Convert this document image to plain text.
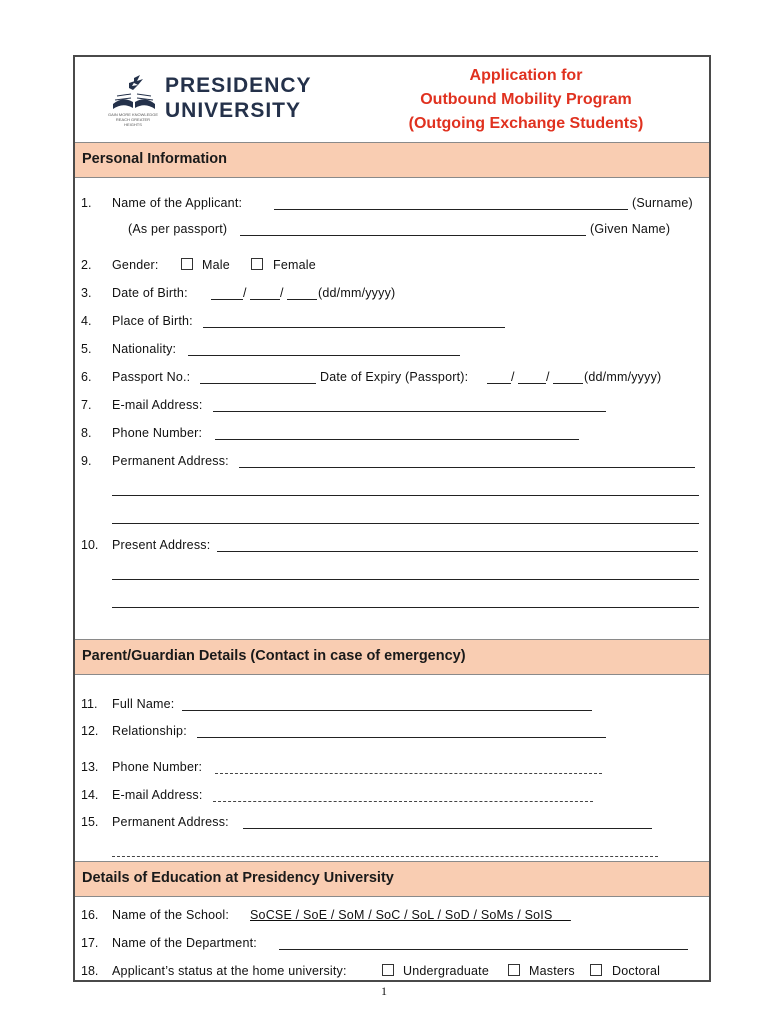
GAIN MORE KNOWLEDGE REACH GREATER HEIGHTS
PRESIDENCY
UNIVERSITY
Application for
Outbound Mobility Program
(Outgoing Exchange Students)
Personal Information
1. Name of the Applicant:	(Surname)
(As per passport)	(Given Name)
2. Gender:	Male	Female
3. Date of Birth:	/	/	(dd/mm/yyyy)
4. Place of Birth:
5. Nationality:
6. Passport No.:	Date of Expiry (Passport):	/	/	(dd/mm/yyyy)
7. E-mail Address:
8. Phone Number:
9. Permanent Address:
10. Present Address:
Parent/Guardian Details (Contact in case of emergency)
11. Full Name:
12. Relationship:
13. Phone Number:
14. E-mail Address:
15. Permanent Address:
Details of Education at Presidency University
16. Name of the School: SoCSE / SoE / SoM / SoC / SoL / SoD / SoMs / SoIS
17. Name of the Department:
18. Applicant’s status at the home university:	Undergraduate	Masters	Doctoral
1
